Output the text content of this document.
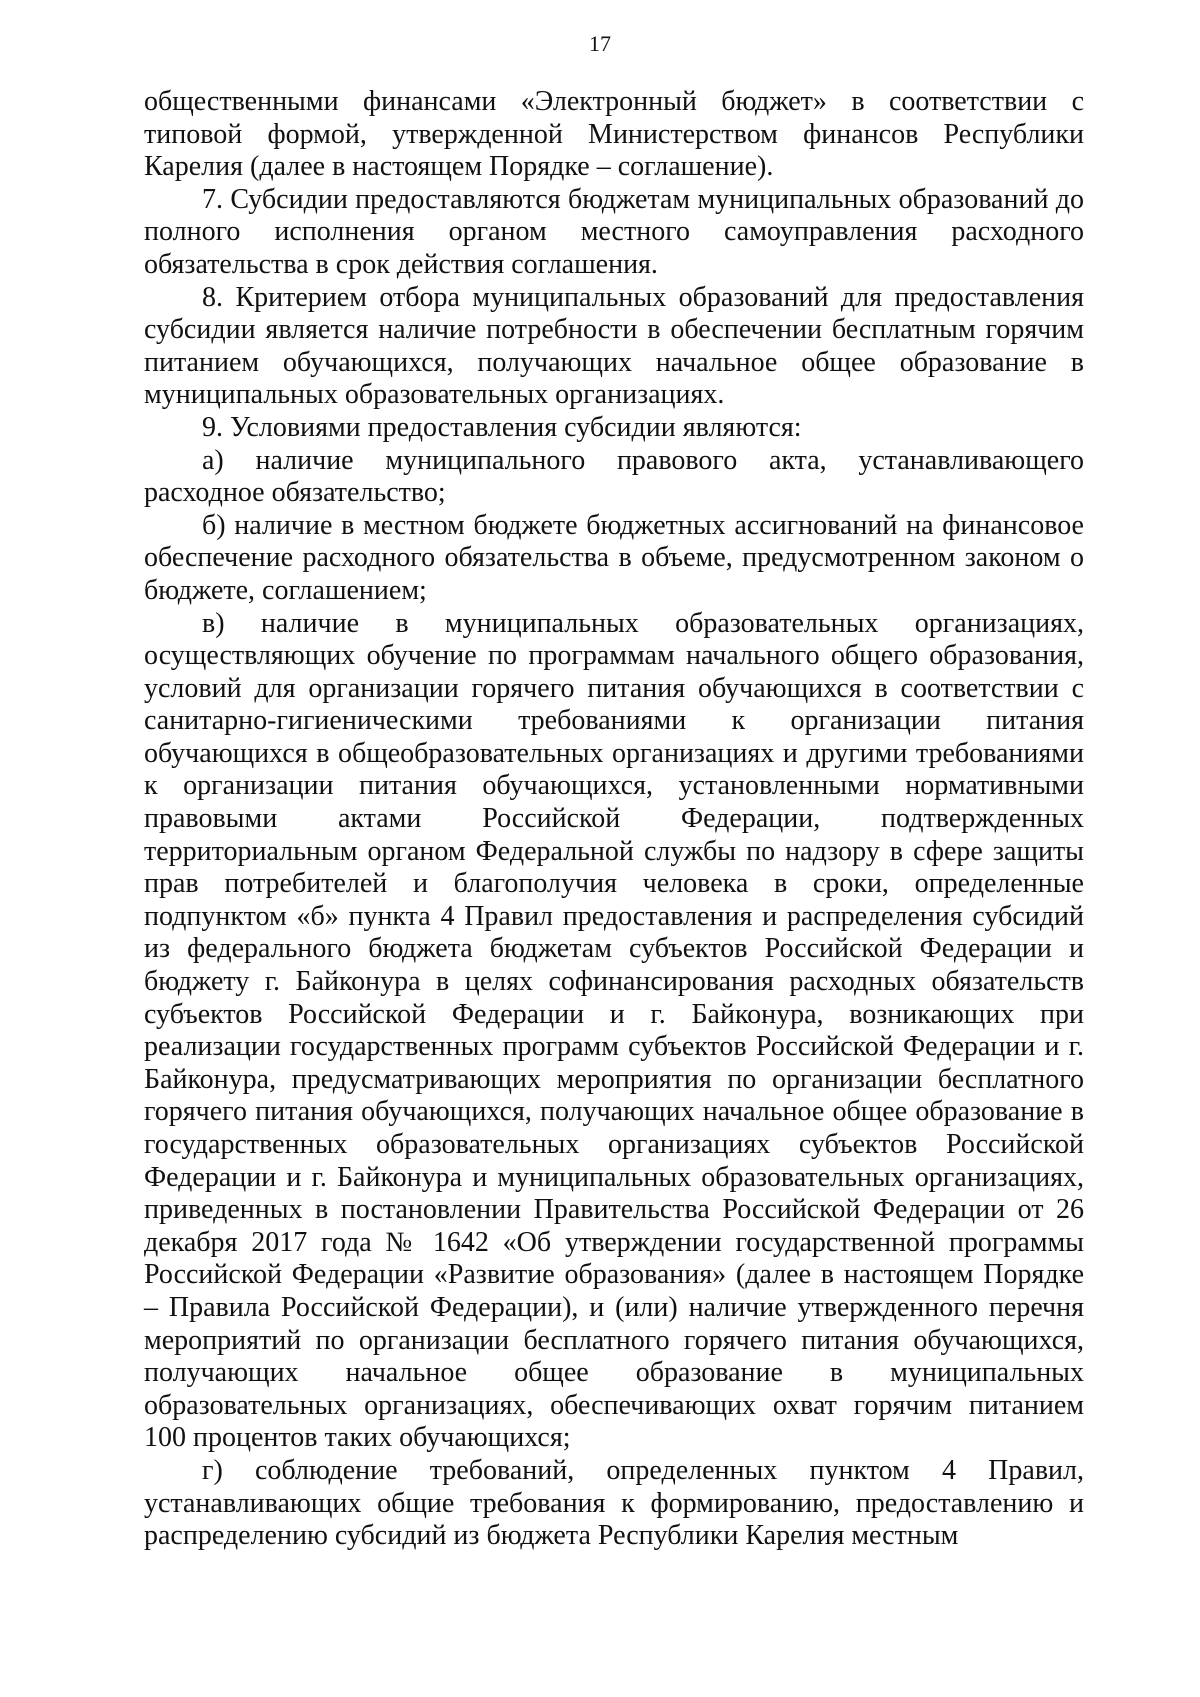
17

общественными финансами «Электронный бюджет» в соответствии с типовой формой, утвержденной Министерством финансов Республики Карелия (далее в настоящем Порядке – соглашение).

7. Субсидии предоставляются бюджетам муниципальных образований до полного исполнения органом местного самоуправления расходного обязательства в срок действия соглашения.

8. Критерием отбора муниципальных образований для предоставления субсидии является наличие потребности в обеспечении бесплатным горячим питанием обучающихся, получающих начальное общее образование в муниципальных образовательных организациях.

9. Условиями предоставления субсидии являются:

а) наличие муниципального правового акта, устанавливающего расходное обязательство;

б) наличие в местном бюджете бюджетных ассигнований на финансовое обеспечение расходного обязательства в объеме, предусмотренном законом о бюджете, соглашением;

в) наличие в муниципальных образовательных организациях, осуществляющих обучение по программам начального общего образования, условий для организации горячего питания обучающихся в соответствии с санитарно-гигиеническими требованиями к организации питания обучающихся в общеобразовательных организациях и другими требованиями к организации питания обучающихся, установленными нормативными правовыми актами Российской Федерации, подтвержденных территориальным органом Федеральной службы по надзору в сфере защиты прав потребителей и благополучия человека в сроки, определенные подпунктом «б» пункта 4 Правил предоставления и распределения субсидий из федерального бюджета бюджетам субъектов Российской Федерации и бюджету г. Байконура в целях софинансирования расходных обязательств субъектов Российской Федерации и г. Байконура, возникающих при реализации государственных программ субъектов Российской Федерации и г. Байконура, предусматривающих мероприятия по организации бесплатного горячего питания обучающихся, получающих начальное общее образование в государственных образовательных организациях субъектов Российской Федерации и г. Байконура и муниципальных образовательных организациях, приведенных в постановлении Правительства Российской Федерации от 26 декабря 2017 года № 1642 «Об утверждении государственной программы Российской Федерации «Развитие образования» (далее в настоящем Порядке – Правила Российской Федерации), и (или) наличие утвержденного перечня мероприятий по организации бесплатного горячего питания обучающихся, получающих начальное общее образование в муниципальных образовательных организациях, обеспечивающих охват горячим питанием 100 процентов таких обучающихся;

г) соблюдение требований, определенных пунктом 4 Правил, устанавливающих общие требования к формированию, предоставлению и распределению субсидий из бюджета Республики Карелия местным
